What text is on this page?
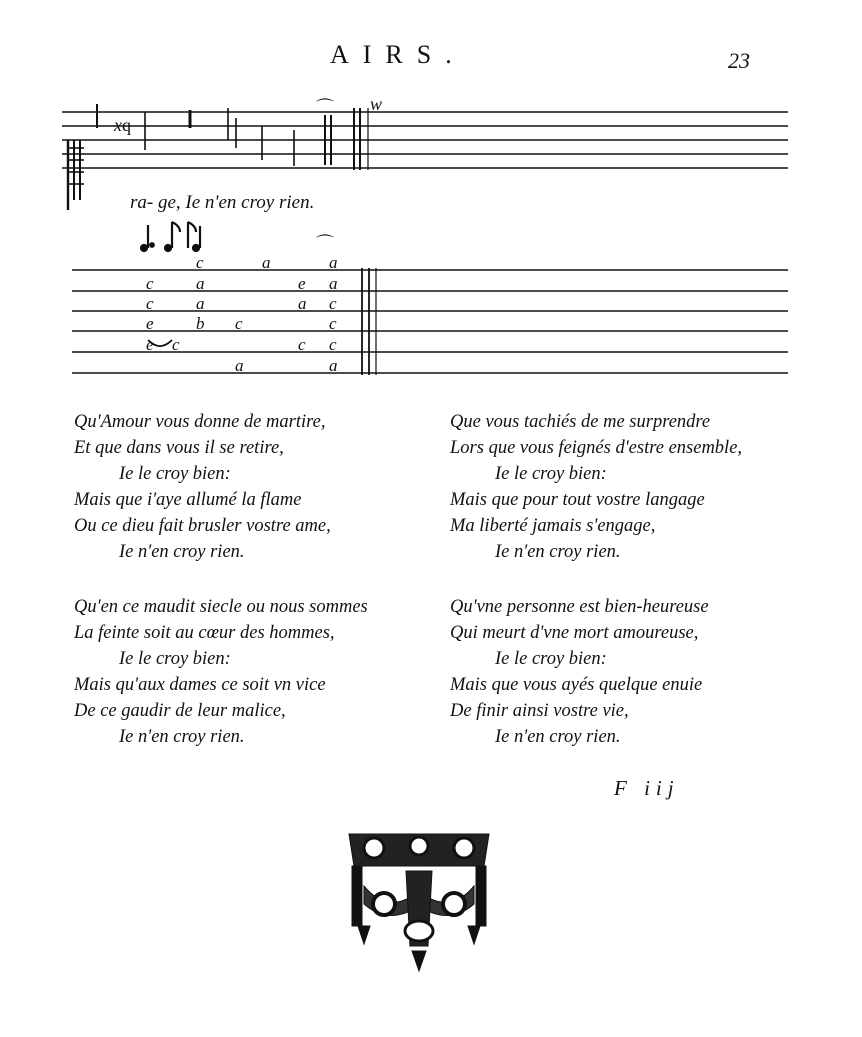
AIRS.	23
x q
⌒ w
⌒
c
c
e
e c
c
a
a
b c
a
a
e
a
c
a
a
c
c
c
a
ra- ge, Ie n'en croy rien.
Qu'Amour vous donne de martire,
Et que dans vous il se retire,
Ie le croy bien:
Mais que i'aye allumé la flame
Ou ce dieu fait brusler vostre ame,
Ie n'en croy rien.
Que vous tachiés de me surprendre
Lors que vous feignés d'estre ensemble,
Ie le croy bien:
Mais que pour tout vostre langage
Ma liberté jamais s'engage,
Ie n'en croy rien.
Qu'en ce maudit siecle ou nous sommes
La feinte soit au cœur des hommes,
Ie le croy bien:
Mais qu'aux dames ce soit vn vice
De ce gaudir de leur malice,
Ie n'en croy rien.
Qu'vne personne est bien-heureuse
Qui meurt d'vne mort amoureuse,
Ie le croy bien:
Mais que vous ayés quelque enuie
De finir ainsi vostre vie,
Ie n'en croy rien.
F iij
